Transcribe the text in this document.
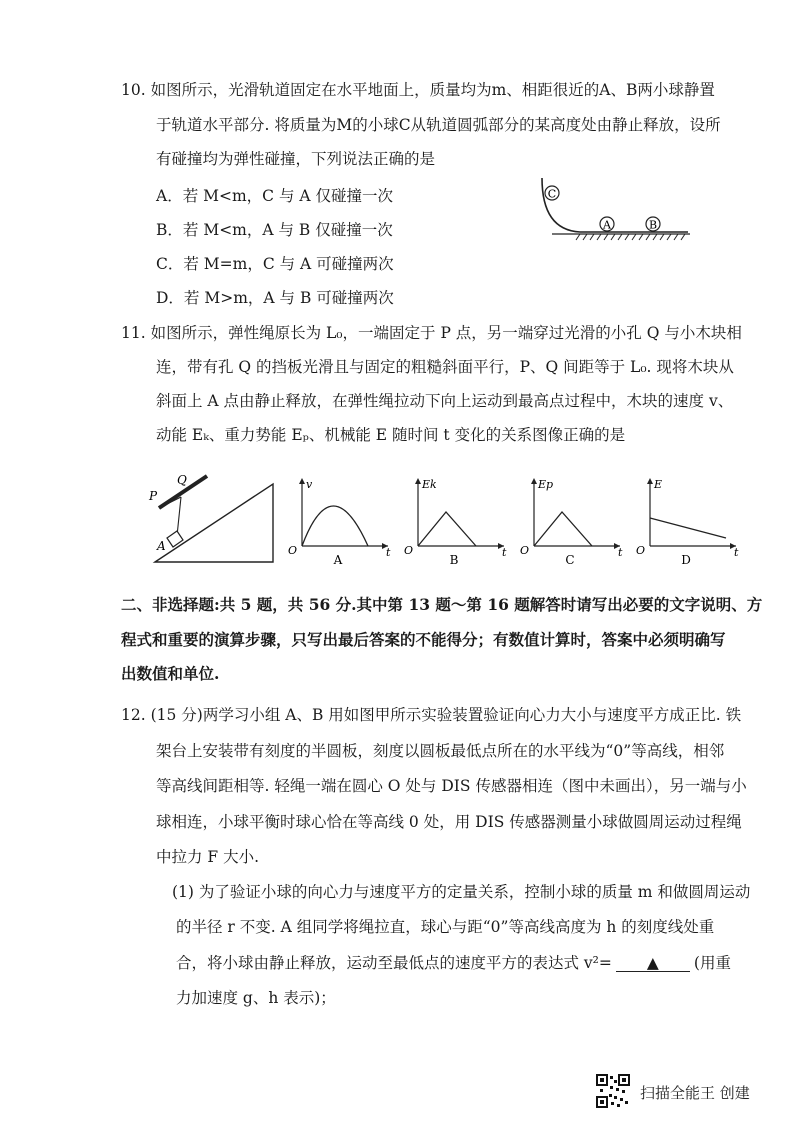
10. 如图所示，光滑轨道固定在水平地面上，质量均为m、相距很近的A、B两小球静置
于轨道水平部分. 将质量为M的小球C从轨道圆弧部分的某高度处由静止释放，设所
有碰撞均为弹性碰撞，下列说法正确的是
A．若 M<m，C 与 A 仅碰撞一次
B．若 M<m，A 与 B 仅碰撞一次
C．若 M=m，C 与 A 可碰撞两次
D．若 M>m，A 与 B 可碰撞两次
C
A	B
11. 如图所示，弹性绳原长为 L₀，一端固定于 P 点，另一端穿过光滑的小孔 Q 与小木块相
连，带有孔 Q 的挡板光滑且与固定的粗糙斜面平行，P、Q 间距等于 L₀. 现将木块从
斜面上 A 点由静止释放，在弹性绳拉动下向上运动到最高点过程中，木块的速度 v、
动能 Eₖ、重力势能 Eₚ、机械能 E 随时间 t 变化的关系图像正确的是
P
Q
A
v
O	t
A
Ek
O	t
B
Ep
O	t
C
E
O	t
D
二、非选择题:共 5 题，共 56 分.其中第 13 题～第 16 题解答时请写出必要的文字说明、方
程式和重要的演算步骤，只写出最后答案的不能得分；有数值计算时，答案中必须明确写
出数值和单位.
12. (15 分)两学习小组 A、B 用如图甲所示实验装置验证向心力大小与速度平方成正比. 铁
架台上安装带有刻度的半圆板，刻度以圆板最低点所在的水平线为“0”等高线，相邻
等高线间距相等. 轻绳一端在圆心 O 处与 DIS 传感器相连（图中未画出），另一端与小
球相连，小球平衡时球心恰在等高线 0 处，用 DIS 传感器测量小球做圆周运动过程绳
中拉力 F 大小.
(1) 为了验证小球的向心力与速度平方的定量关系，控制小球的质量 m 和做圆周运动
的半径 r 不变. A 组同学将绳拉直，球心与距“0”等高线高度为 h 的刻度线处重
合，将小球由静止释放，运动至最低点的速度平方的表达式 v²= ▲ (用重
力加速度 g、h 表示)；
扫描全能王 创建
